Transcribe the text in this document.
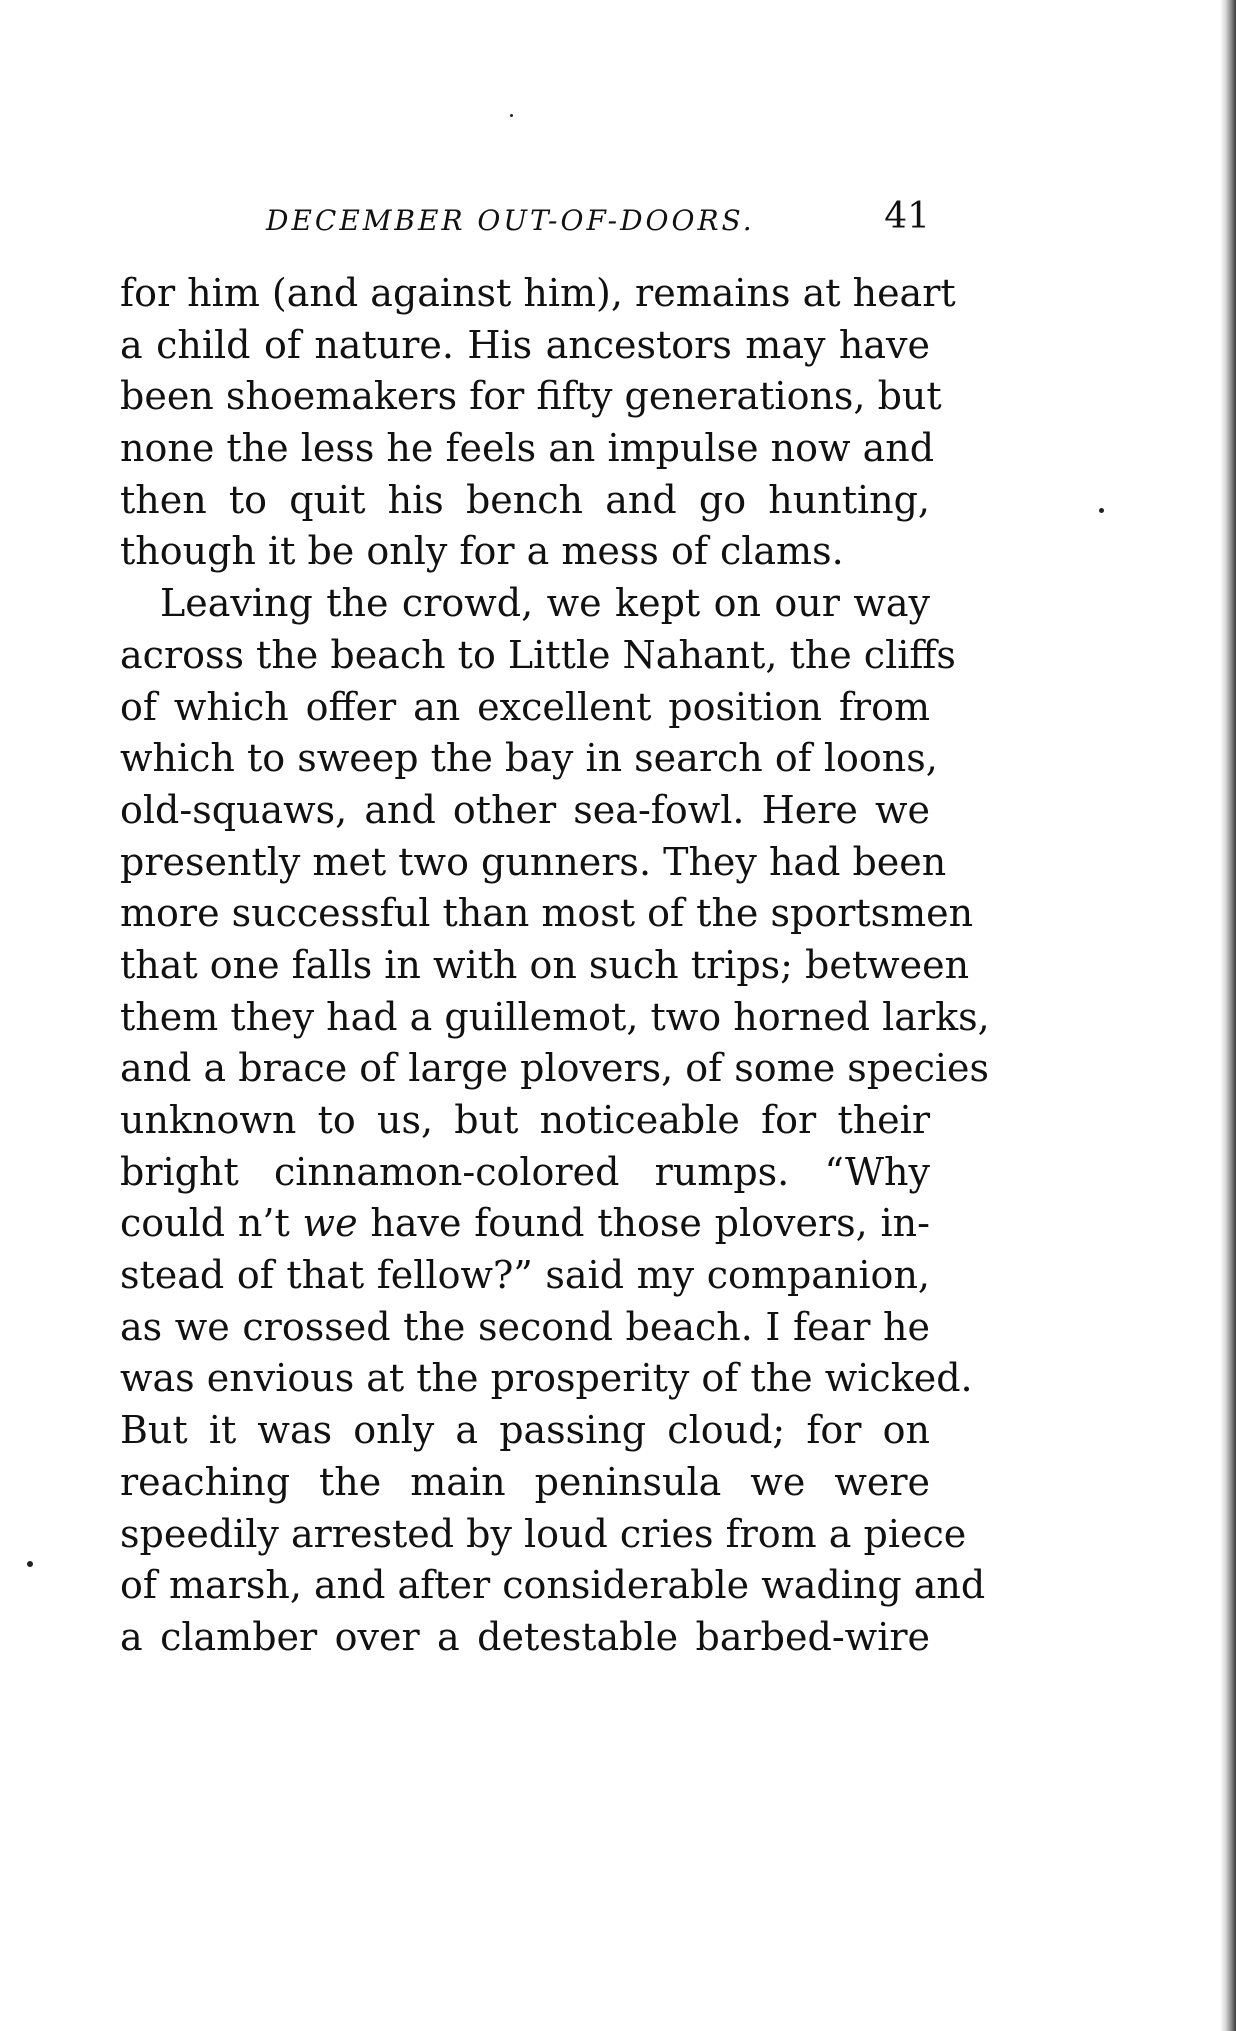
DECEMBER OUT-OF-DOORS.	41
for him (and against him), remains at heart
a child of nature. His ancestors may have
been shoemakers for fifty generations, but
none the less he feels an impulse now and
then to quit his bench and go hunting,
though it be only for a mess of clams.
Leaving the crowd, we kept on our way
across the beach to Little Nahant, the cliffs
of which offer an excellent position from
which to sweep the bay in search of loons,
old-squaws, and other sea-fowl. Here we
presently met two gunners. They had been
more successful than most of the sportsmen
that one falls in with on such trips; between
them they had a guillemot, two horned larks,
and a brace of large plovers, of some species
unknown to us, but noticeable for their
bright cinnamon-colored rumps. “Why
could n’t we have found those plovers, in-
stead of that fellow?” said my companion,
as we crossed the second beach. I fear he
was envious at the prosperity of the wicked.
But it was only a passing cloud; for on
reaching the main peninsula we were
speedily arrested by loud cries from a piece
of marsh, and after considerable wading and
a clamber over a detestable barbed-wire
